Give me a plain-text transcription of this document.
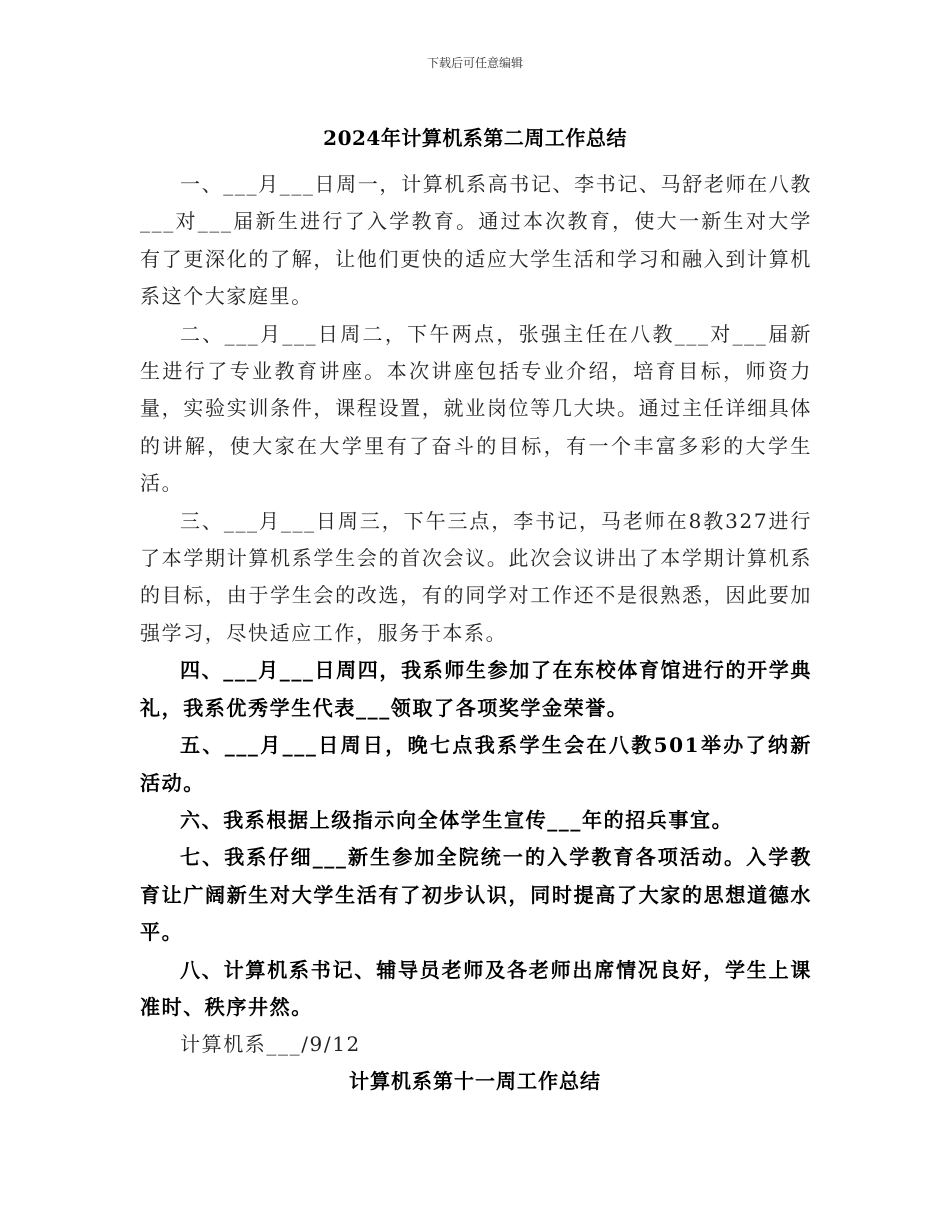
下载后可任意编辑
2024年计算机系第二周工作总结

一、___月___日周一，计算机系高书记、李书记、马舒老师在八教___对___届新生进行了入学教育。通过本次教育，使大一新生对大学有了更深化的了解，让他们更快的适应大学生活和学习和融入到计算机系这个大家庭里。

二、___月___日周二，下午两点，张强主任在八教___对___届新生进行了专业教育讲座。本次讲座包括专业介绍，培育目标，师资力量，实验实训条件，课程设置，就业岗位等几大块。通过主任详细具体的讲解，使大家在大学里有了奋斗的目标，有一个丰富多彩的大学生活。

三、___月___日周三，下午三点，李书记，马老师在8教327进行了本学期计算机系学生会的首次会议。此次会议讲出了本学期计算机系的目标，由于学生会的改选，有的同学对工作还不是很熟悉，因此要加强学习，尽快适应工作，服务于本系。

四、___月___日周四，我系师生参加了在东校体育馆进行的开学典礼，我系优秀学生代表___领取了各项奖学金荣誉。

五、___月___日周日，晚七点我系学生会在八教501举办了纳新活动。

六、我系根据上级指示向全体学生宣传___年的招兵事宜。

七、我系仔细___新生参加全院统一的入学教育各项活动。入学教育让广阔新生对大学生活有了初步认识，同时提高了大家的思想道德水平。

八、计算机系书记、辅导员老师及各老师出席情况良好，学生上课准时、秩序井然。

计算机系___/9/12

计算机系第十一周工作总结
